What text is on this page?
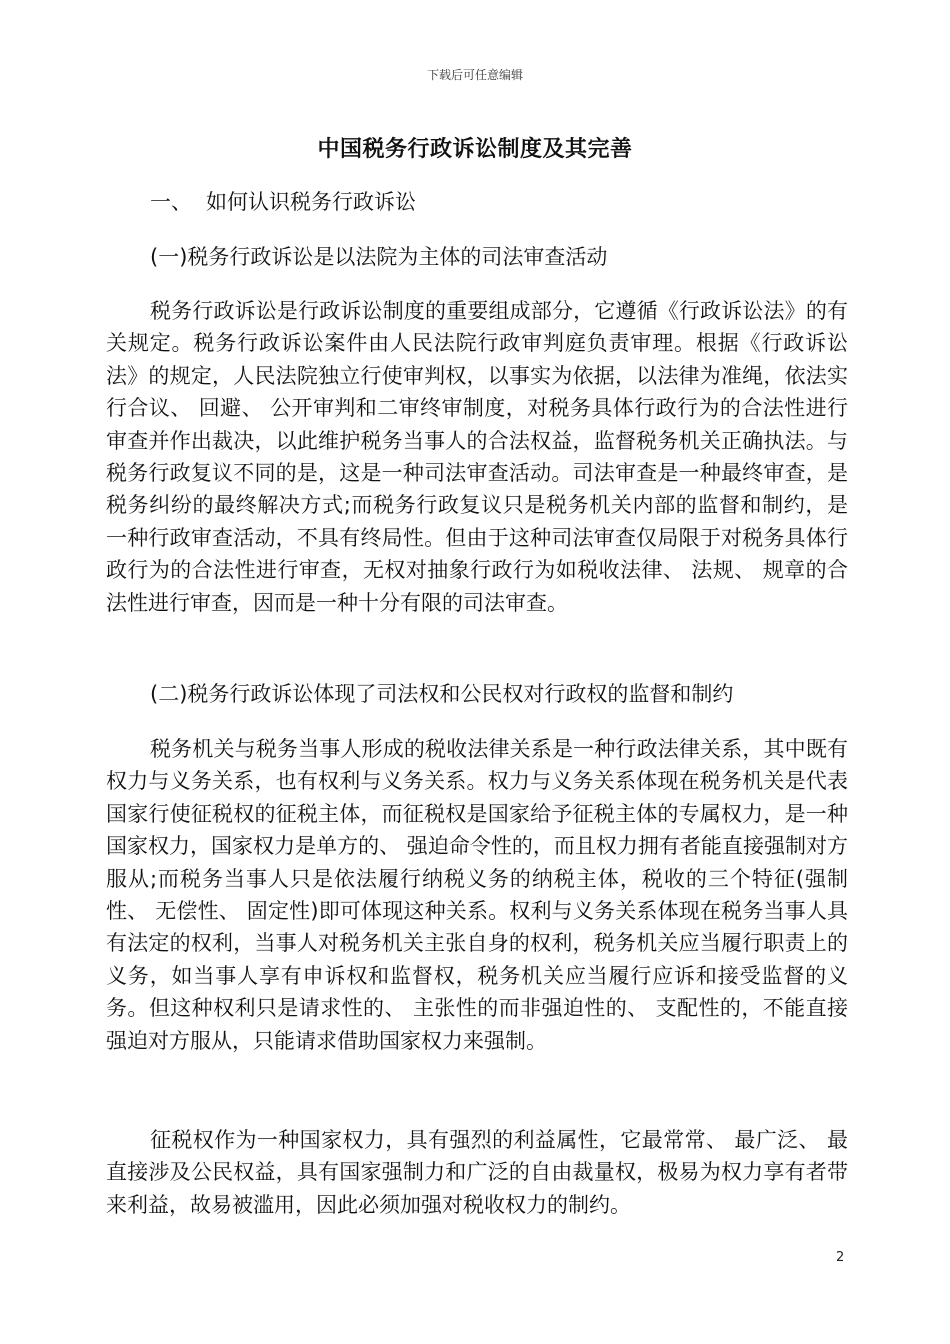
下载后可任意编辑
中国税务行政诉讼制度及其完善
一、 如何认识税务行政诉讼
(一)税务行政诉讼是以法院为主体的司法审查活动

税务行政诉讼是行政诉讼制度的重要组成部分，它遵循《行政诉讼法》的有关规定。税务行政诉讼案件由人民法院行政审判庭负责审理。根据《行政诉讼法》的规定，人民法院独立行使审判权，以事实为依据，以法律为准绳，依法实行合议、 回避、 公开审判和二审终审制度，对税务具体行政行为的合法性进行审查并作出裁决，以此维护税务当事人的合法权益，监督税务机关正确执法。与税务行政复议不同的是，这是一种司法审查活动。司法审查是一种最终审查，是税务纠纷的最终解决方式;而税务行政复议只是税务机关内部的监督和制约，是一种行政审查活动，不具有终局性。但由于这种司法审查仅局限于对税务具体行政行为的合法性进行审查，无权对抽象行政行为如税收法律、 法规、 规章的合法性进行审查，因而是一种十分有限的司法审查。

(二)税务行政诉讼体现了司法权和公民权对行政权的监督和制约

税务机关与税务当事人形成的税收法律关系是一种行政法律关系，其中既有权力与义务关系，也有权利与义务关系。权力与义务关系体现在税务机关是代表国家行使征税权的征税主体，而征税权是国家给予征税主体的专属权力，是一种国家权力，国家权力是单方的、 强迫命令性的，而且权力拥有者能直接强制对方服从;而税务当事人只是依法履行纳税义务的纳税主体，税收的三个特征(强制性、 无偿性、 固定性)即可体现这种关系。权利与义务关系体现在税务当事人具有法定的权利，当事人对税务机关主张自身的权利，税务机关应当履行职责上的义务，如当事人享有申诉权和监督权，税务机关应当履行应诉和接受监督的义务。但这种权利只是请求性的、 主张性的而非强迫性的、 支配性的，不能直接强迫对方服从，只能请求借助国家权力来强制。

征税权作为一种国家权力，具有强烈的利益属性，它最常常、 最广泛、 最直接涉及公民权益，具有国家强制力和广泛的自由裁量权，极易为权力享有者带来利益，故易被滥用，因此必须加强对税收权力的制约。

2
